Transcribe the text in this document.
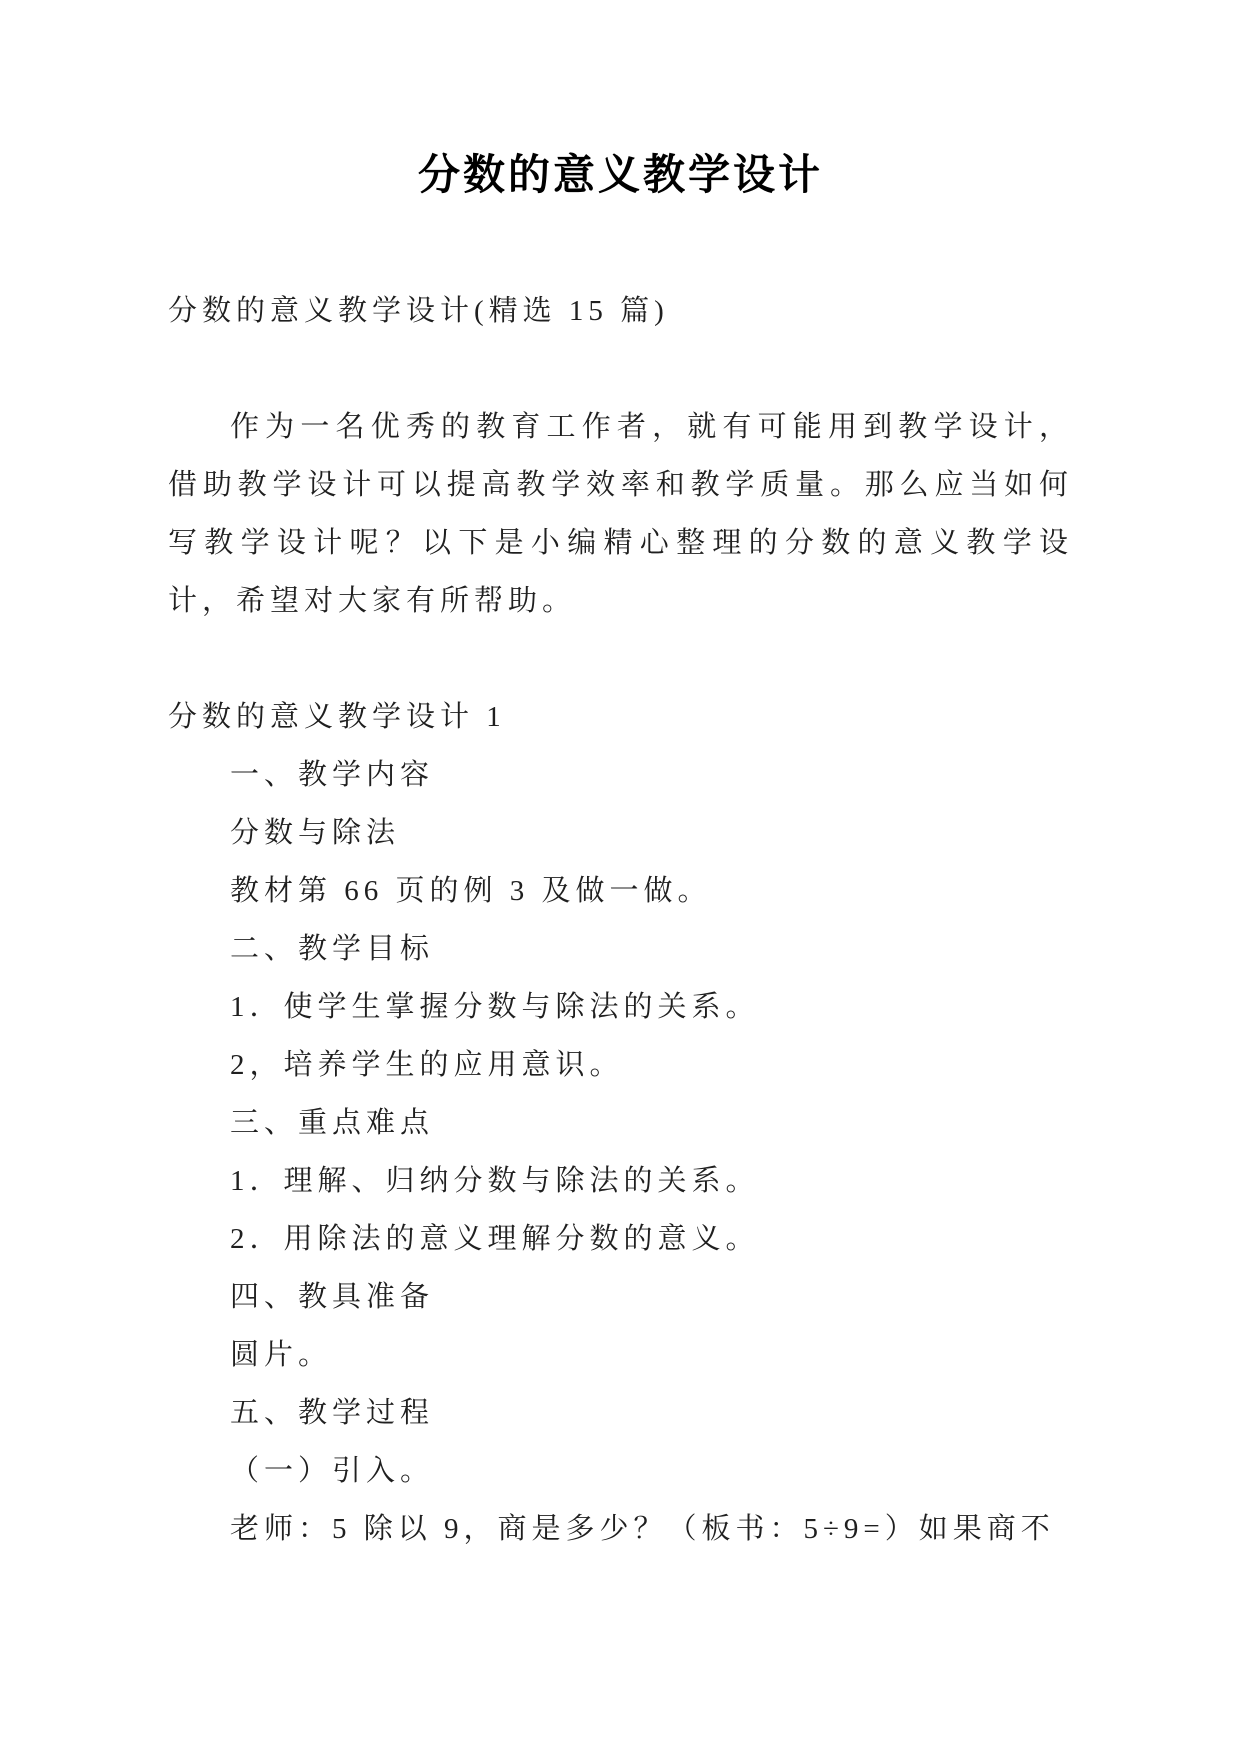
分数的意义教学设计

分数的意义教学设计(精选 15 篇)

作为一名优秀的教育工作者，就有可能用到教学设计，借助教学设计可以提高教学效率和教学质量。那么应当如何写教学设计呢？以下是小编精心整理的分数的意义教学设计，希望对大家有所帮助。

分数的意义教学设计 1

一、教学内容

分数与除法

教材第 66 页的例 3 及做一做。

二、教学目标

1．使学生掌握分数与除法的关系。

2，培养学生的应用意识。

三、重点难点

1．理解、归纳分数与除法的关系。

2．用除法的意义理解分数的意义。

四、教具准备

圆片。

五、教学过程

（一）引入。

老师：5 除以 9，商是多少？（板书：5÷9=）如果商不
